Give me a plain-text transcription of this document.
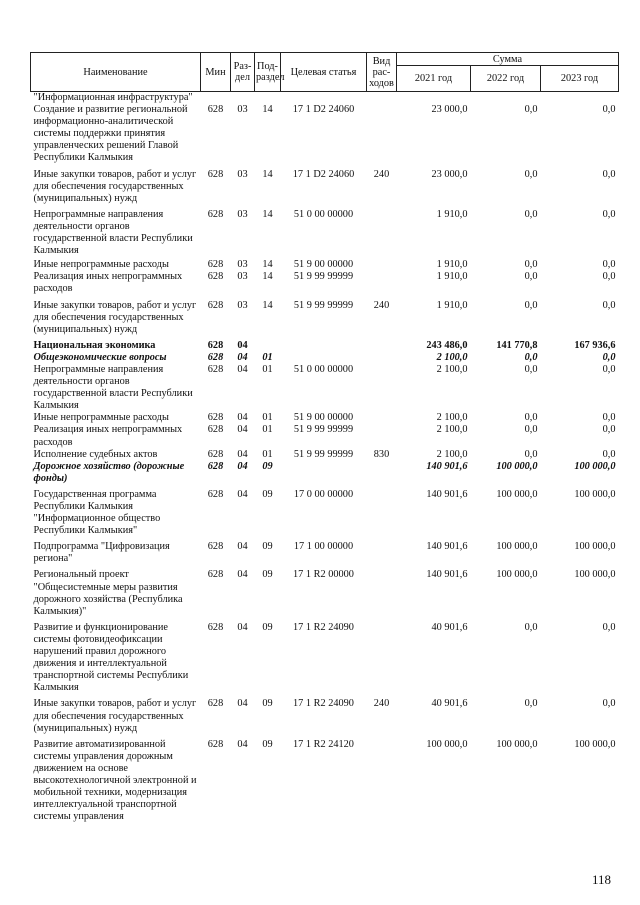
Наименование	Мин	Раз-дел	Под-раздел	Целевая статья	Вид рас-ходов	Сумма		
						2021 год	2022 год	2023 год
"Информационная инфраструктура"								
Создание и развитие региональной информационно-аналитической системы поддержки принятия управленческих решений Главой Республики Калмыкия	628	03	14	17 1 D2 24060		23 000,0	0,0	0,0
Иные закупки товаров, работ и услуг для обеспечения государственных (муниципальных) нужд	628	03	14	17 1 D2 24060	240	23 000,0	0,0	0,0
Непрограммные направления деятельности органов государственной власти Республики Калмыкия	628	03	14	51 0 00 00000		1 910,0	0,0	0,0
Иные непрограммные расходы	628	03	14	51 9 00 00000		1 910,0	0,0	0,0
Реализация иных непрограммных расходов	628	03	14	51 9 99 99999		1 910,0	0,0	0,0
Иные закупки товаров, работ и услуг для обеспечения государственных (муниципальных) нужд	628	03	14	51 9 99 99999	240	1 910,0	0,0	0,0
Национальная экономика	628	04				243 486,0	141 770,8	167 936,6
Общеэкономические вопросы	628	04	01			2 100,0	0,0	0,0
Непрограммные направления деятельности органов государственной власти Республики Калмыкия	628	04	01	51 0 00 00000		2 100,0	0,0	0,0
Иные непрограммные расходы	628	04	01	51 9 00 00000		2 100,0	0,0	0,0
Реализация иных непрограммных расходов	628	04	01	51 9 99 99999		2 100,0	0,0	0,0
Исполнение судебных актов	628	04	01	51 9 99 99999	830	2 100,0	0,0	0,0
Дорожное хозяйство (дорожные фонды)	628	04	09			140 901,6	100 000,0	100 000,0
Государственная программа Республики Калмыкия "Информационное общество Республики Калмыкия"	628	04	09	17 0 00 00000		140 901,6	100 000,0	100 000,0
Подпрограмма "Цифровизация региона"	628	04	09	17 1 00 00000		140 901,6	100 000,0	100 000,0
Региональный проект "Общесистемные меры развития дорожного хозяйства (Республика Калмыкия)"	628	04	09	17 1 R2 00000		140 901,6	100 000,0	100 000,0
Развитие и функционирование системы фотовидеофиксации нарушений правил дорожного движения и интеллектуальной транспортной системы Республики Калмыкия	628	04	09	17 1 R2 24090		40 901,6	0,0	0,0
Иные закупки товаров, работ и услуг для обеспечения государственных (муниципальных) нужд	628	04	09	17 1 R2 24090	240	40 901,6	0,0	0,0
Развитие автоматизированной системы управления дорожным движением на основе высокотехнологичной электронной и мобильной техники, модернизация интеллектуальной транспортной системы управления	628	04	09	17 1 R2 24120		100 000,0	100 000,0	100 000,0
118
